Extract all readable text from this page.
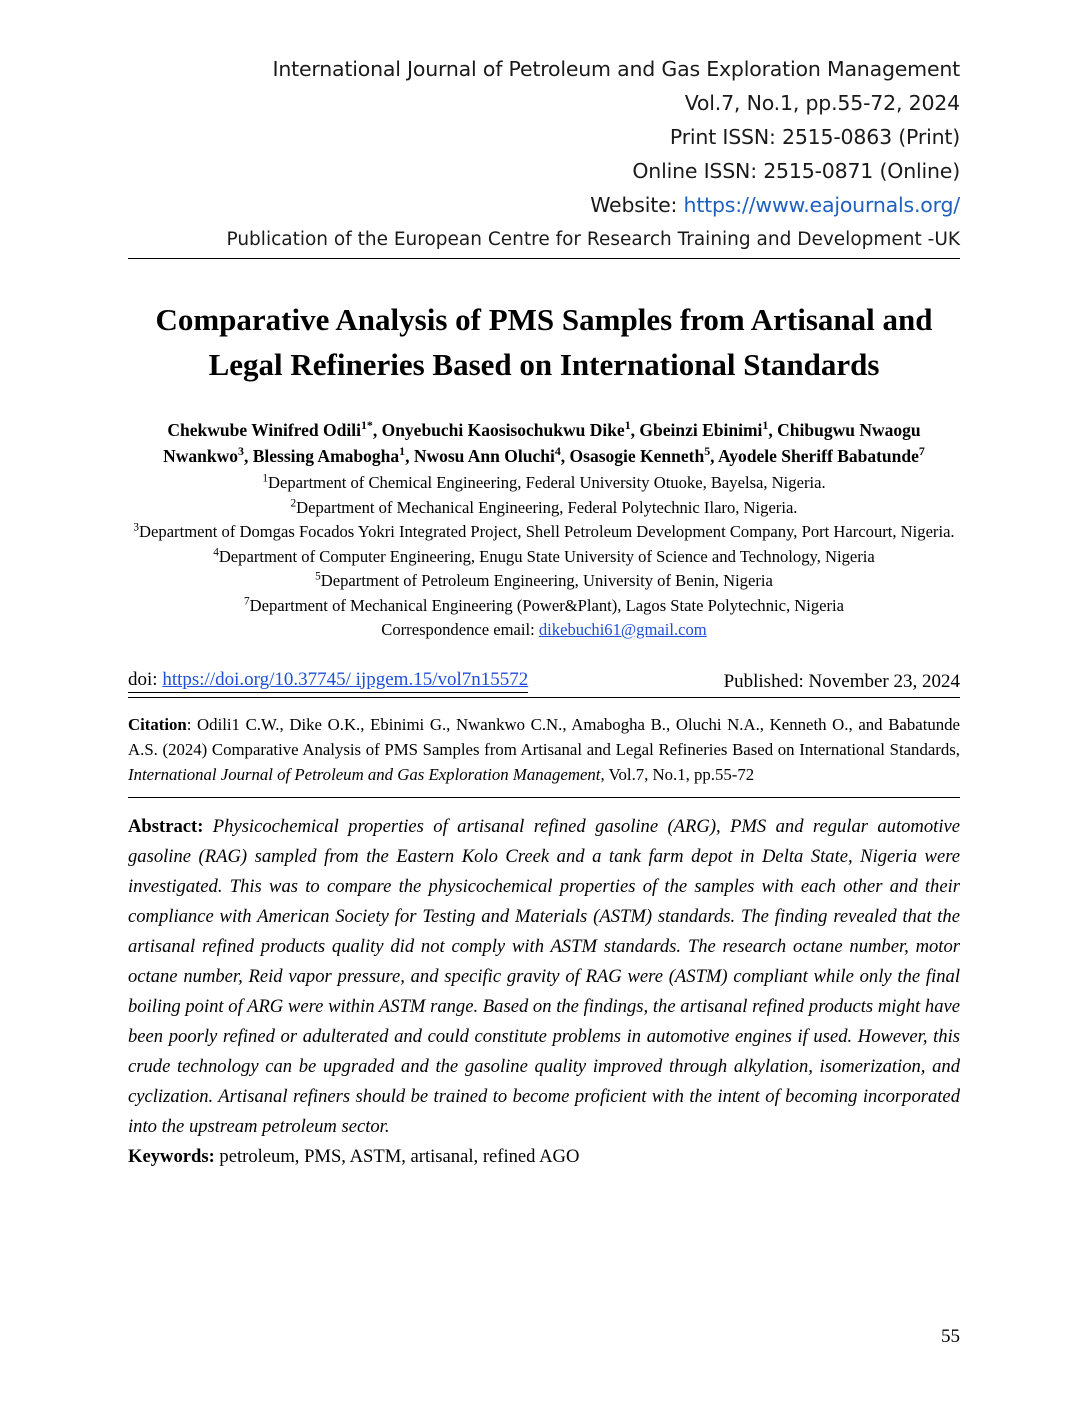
International Journal of Petroleum and Gas Exploration Management
Vol.7, No.1, pp.55-72, 2024
Print ISSN: 2515-0863 (Print)
Online ISSN: 2515-0871 (Online)
Website: https://www.eajournals.org/
Publication of the European Centre for Research Training and Development -UK
Comparative Analysis of PMS Samples from Artisanal and Legal Refineries Based on International Standards
Chekwube Winifred Odili$^{1*}$, Onyebuchi Kaosisochukwu Dike$^1$, Gbeinzi Ebinimi$^1$, Chibugwu Nwaogu Nwankwo$^3$, Blessing Amabogha$^1$, Nwosu Ann Oluchi$^4$, Osasogie Kenneth$^5$, Ayodele Sheriff Babatunde$^7$
$^1$Department of Chemical Engineering, Federal University Otuoke, Bayelsa, Nigeria.
$^2$Department of Mechanical Engineering, Federal Polytechnic Ilaro, Nigeria.
$^3$Department of Domgas Focados Yokri Integrated Project, Shell Petroleum Development Company, Port Harcourt, Nigeria.
$^4$Department of Computer Engineering, Enugu State University of Science and Technology, Nigeria
$^5$Department of Petroleum Engineering, University of Benin, Nigeria
$^7$Department of Mechanical Engineering (Power&Plant), Lagos State Polytechnic, Nigeria
Correspondence email: dikebuchi61@gmail.com
doi: https://doi.org/10.37745/ ijpgem.15/vol7n15572	Published: November 23, 2024
Citation: Odili1 C.W., Dike O.K., Ebinimi G., Nwankwo C.N., Amabogha B., Oluchi N.A., Kenneth O., and Babatunde A.S. (2024) Comparative Analysis of PMS Samples from Artisanal and Legal Refineries Based on International Standards, International Journal of Petroleum and Gas Exploration Management, Vol.7, No.1, pp.55-72
Abstract: Physicochemical properties of artisanal refined gasoline (ARG), PMS and regular automotive gasoline (RAG) sampled from the Eastern Kolo Creek and a tank farm depot in Delta State, Nigeria were investigated. This was to compare the physicochemical properties of the samples with each other and their compliance with American Society for Testing and Materials (ASTM) standards. The finding revealed that the artisanal refined products quality did not comply with ASTM standards. The research octane number, motor octane number, Reid vapor pressure, and specific gravity of RAG were (ASTM) compliant while only the final boiling point of ARG were within ASTM range. Based on the findings, the artisanal refined products might have been poorly refined or adulterated and could constitute problems in automotive engines if used. However, this crude technology can be upgraded and the gasoline quality improved through alkylation, isomerization, and cyclization. Artisanal refiners should be trained to become proficient with the intent of becoming incorporated into the upstream petroleum sector.
Keywords: petroleum, PMS, ASTM, artisanal, refined AGO
55
